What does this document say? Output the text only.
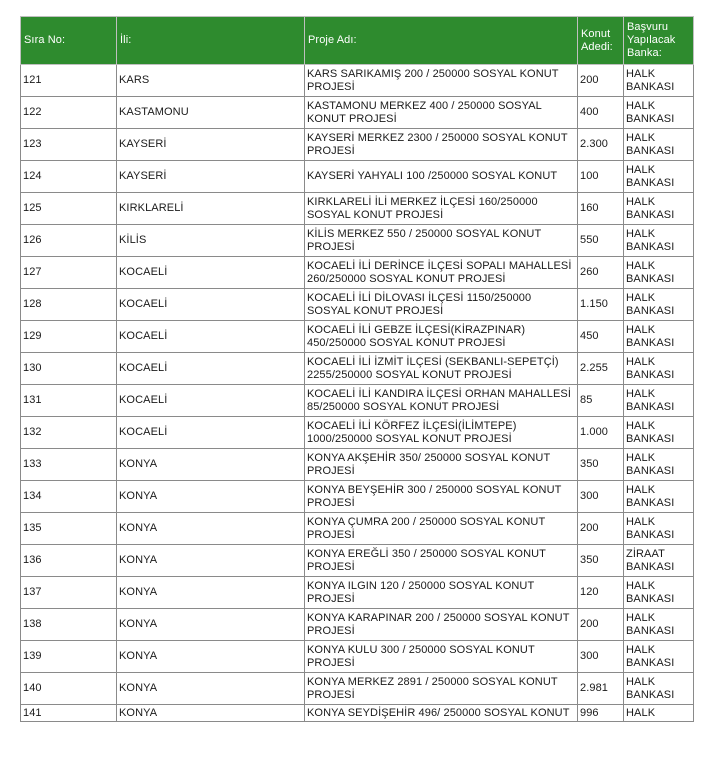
Sıra No:	İli:	Proje Adı:	Konut Adedi:	Başvuru Yapılacak Banka:
121	KARS	KARS SARIKAMIŞ 200 / 250000 SOSYAL KONUT PROJESİ	200	HALK BANKASI
122	KASTAMONU	KASTAMONU MERKEZ 400 / 250000 SOSYAL KONUT PROJESİ	400	HALK BANKASI
123	KAYSERİ	KAYSERİ MERKEZ 2300 / 250000 SOSYAL KONUT PROJESİ	2.300	HALK BANKASI
124	KAYSERİ	KAYSERİ YAHYALI 100 /250000 SOSYAL KONUT	100	HALK BANKASI
125	KIRKLARELİ	KIRKLARELİ İLİ MERKEZ İLÇESİ 160/250000 SOSYAL KONUT PROJESİ	160	HALK BANKASI
126	KİLİS	KİLİS MERKEZ 550 / 250000 SOSYAL KONUT PROJESİ	550	HALK BANKASI
127	KOCAELİ	KOCAELİ İLİ DERİNCE İLÇESİ SOPALI MAHALLESİ 260/250000 SOSYAL KONUT PROJESİ	260	HALK BANKASI
128	KOCAELİ	KOCAELİ İLİ DİLOVASI İLÇESİ 1150/250000 SOSYAL KONUT PROJESİ	1.150	HALK BANKASI
129	KOCAELİ	KOCAELİ İLİ GEBZE İLÇESİ(KİRAZPINAR) 450/250000 SOSYAL KONUT PROJESİ	450	HALK BANKASI
130	KOCAELİ	KOCAELİ İLİ İZMİT İLÇESİ (SEKBANLI-SEPETÇİ) 2255/250000 SOSYAL KONUT PROJESİ	2.255	HALK BANKASI
131	KOCAELİ	KOCAELİ İLİ KANDIRA İLÇESİ ORHAN MAHALLESİ 85/250000 SOSYAL KONUT PROJESİ	85	HALK BANKASI
132	KOCAELİ	KOCAELİ İLİ KÖRFEZ İLÇESİ(İLİMTEPE) 1000/250000 SOSYAL KONUT PROJESİ	1.000	HALK BANKASI
133	KONYA	KONYA AKŞEHİR 350/ 250000 SOSYAL KONUT PROJESİ	350	HALK BANKASI
134	KONYA	KONYA BEYŞEHİR 300 / 250000 SOSYAL KONUT PROJESİ	300	HALK BANKASI
135	KONYA	KONYA ÇUMRA 200 / 250000 SOSYAL KONUT PROJESİ	200	HALK BANKASI
136	KONYA	KONYA EREĞLİ 350 / 250000 SOSYAL KONUT PROJESİ	350	ZİRAAT BANKASI
137	KONYA	KONYA ILGIN 120 / 250000 SOSYAL KONUT PROJESİ	120	HALK BANKASI
138	KONYA	KONYA KARAPINAR 200 / 250000 SOSYAL KONUT PROJESİ	200	HALK BANKASI
139	KONYA	KONYA KULU 300 / 250000 SOSYAL KONUT PROJESİ	300	HALK BANKASI
140	KONYA	KONYA MERKEZ 2891 / 250000 SOSYAL KONUT PROJESİ	2.981	HALK BANKASI
141	KONYA	KONYA SEYDİŞEHİR 496/ 250000 SOSYAL KONUT	996	HALK
